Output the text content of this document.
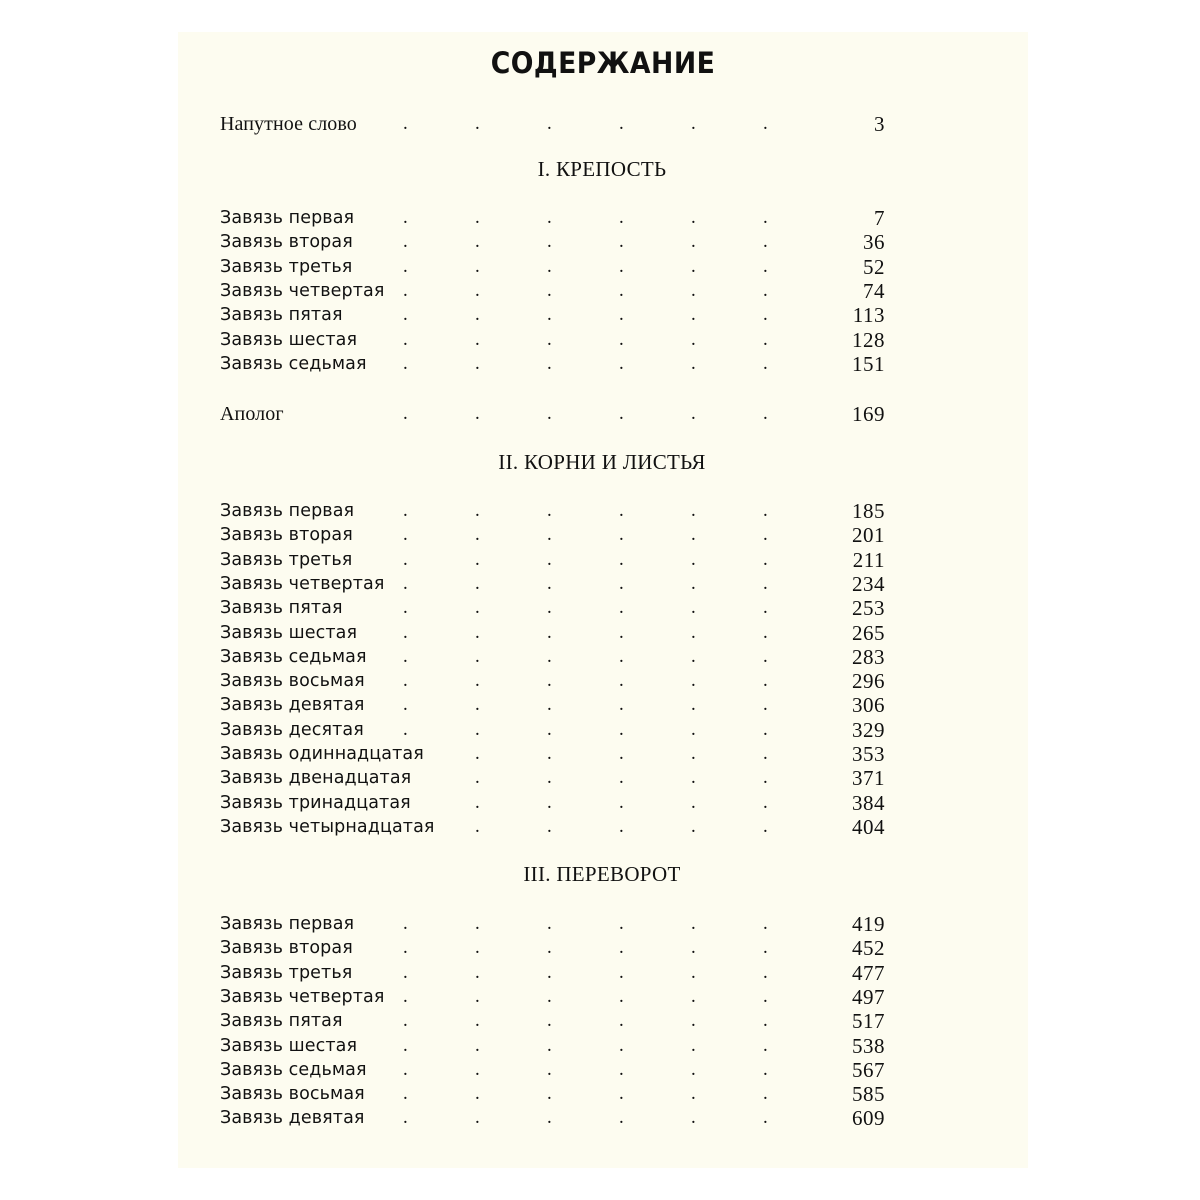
СОДЕРЖАНИЕ
Напутное слово .	.	.	.	.	.	3
I. КРЕПОСТЬ
Завязь первая	.	.	.	.	.	.	7
Завязь вторая	.	.	.	.	.	.	36
Завязь третья	.	.	.	.	.	.	52
Завязь четвертая .	.	.	.	.	.	74
Завязь пятая	.	.	.	.	.	.	113
Завязь шестая .	.	.	.	.	.	128
Завязь седьмая .	.	.	.	.	.	151
Аполог	.	.	.	.	.	.	169
II. КОРНИ И ЛИСТЬЯ
Завязь первая	.	.	.	.	.	.	185
Завязь вторая	.	.	.	.	.	.	201
Завязь третья	.	.	.	.	.	.	211
Завязь четвертая .	.	.	.	.	.	234
Завязь пятая	.	.	.	.	.	.	253
Завязь шестая .	.	.	.	.	.	265
Завязь седьмая .	.	.	.	.	.	283
Завязь восьмая .	.	.	.	.	.	296
Завязь девятая .	.	.	.	.	.	306
Завязь десятая .	.	.	.	.	.	329
Завязь одиннадцатая	.	.	.	.	.	353
Завязь двенадцатая	.	.	.	.	.	371
Завязь тринадцатая	.	.	.	.	.	384
Завязь четырнадцатая .	.	.	.	.	404
III. ПЕРЕВОРОТ
Завязь первая	.	.	.	.	.	.	419
Завязь вторая	.	.	.	.	.	.	452
Завязь третья	.	.	.	.	.	.	477
Завязь четвертая .	.	.	.	.	.	497
Завязь пятая	.	.	.	.	.	.	517
Завязь шестая .	.	.	.	.	.	538
Завязь седьмая .	.	.	.	.	.	567
Завязь восьмая .	.	.	.	.	.	585
Завязь девятая .	.	.	.	.	.	609
